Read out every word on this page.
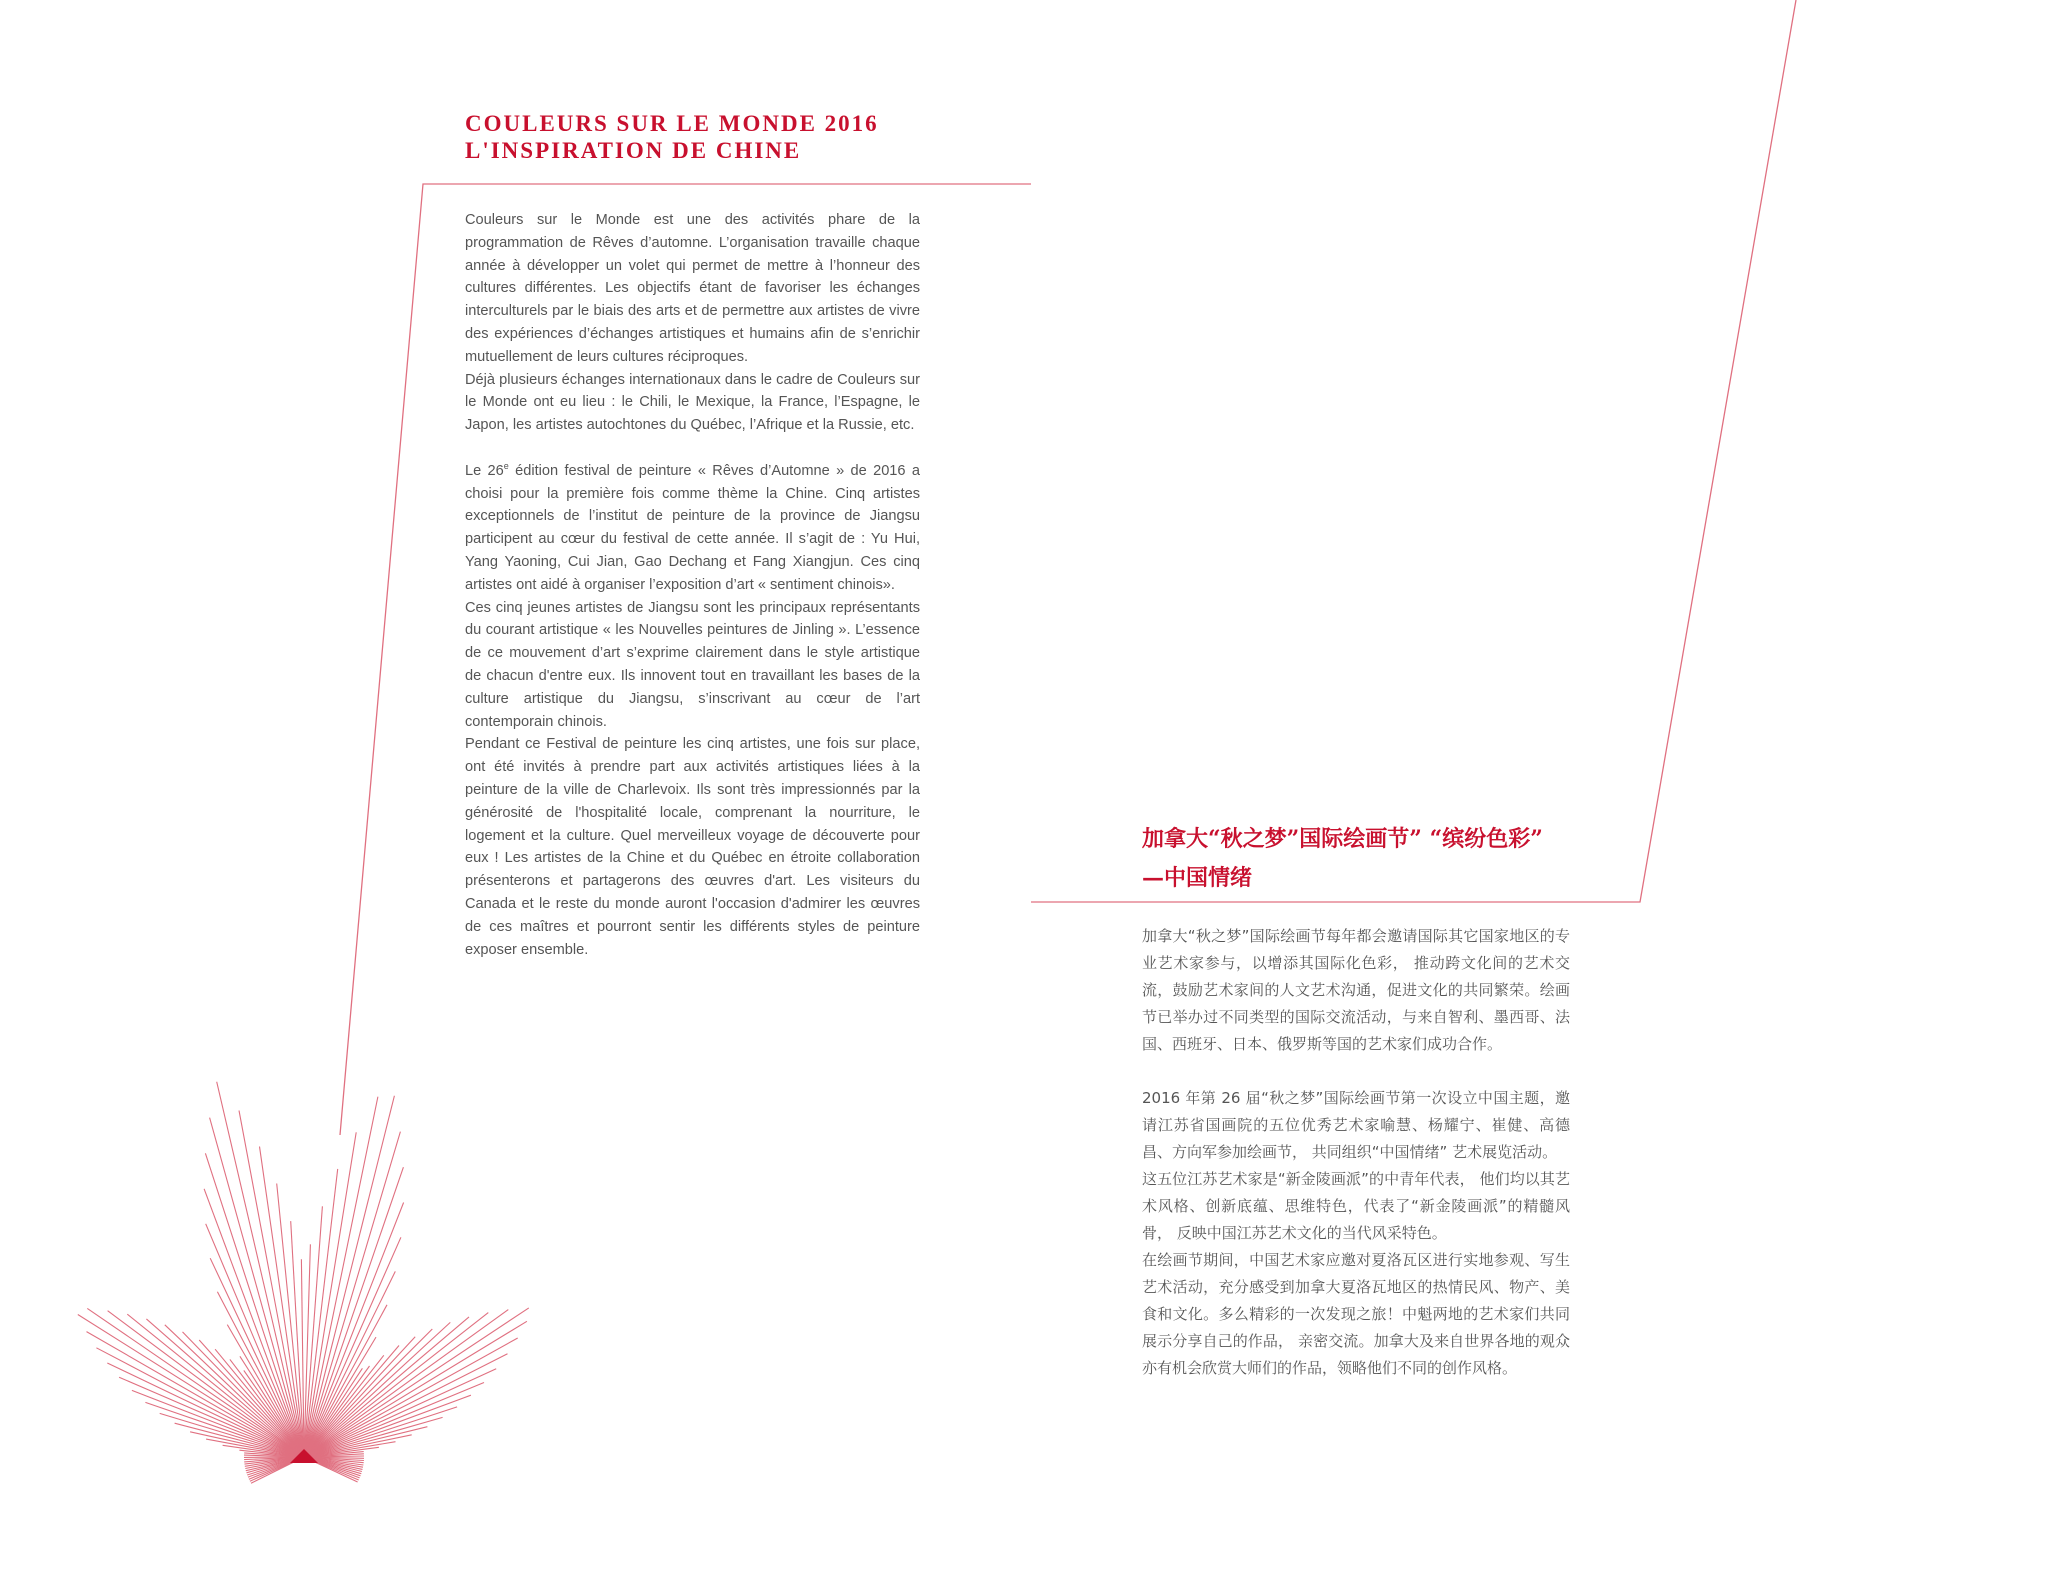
COULEURS SUR LE MONDE 2016
L'INSPIRATION DE CHINE

Couleurs sur le Monde est une des activités phare de la programmation de Rêves d’automne. L’organisation travaille chaque année à développer un volet qui permet de mettre à l’honneur des cultures différentes. Les objectifs étant de favoriser les échanges interculturels par le biais des arts et de permettre aux artistes de vivre des expériences d’échanges artistiques et humains afin de s’enrichir mutuellement de leurs cultures réciproques.

Déjà plusieurs échanges internationaux dans le cadre de Couleurs sur le Monde ont eu lieu : le Chili, le Mexique, la France, l’Espagne, le Japon, les artistes autochtones du Québec, l’Afrique et la Russie, etc.

Le 26e édition festival de peinture « Rêves d’Automne » de 2016 a choisi pour la première fois comme thème la Chine. Cinq artistes exceptionnels de l’institut de peinture de la province de Jiangsu participent au cœur du festival de cette année. Il s’agit de : Yu Hui, Yang Yaoning, Cui Jian, Gao Dechang et Fang Xiangjun. Ces cinq artistes ont aidé à organiser l’exposition d’art « sentiment chinois».

Ces cinq jeunes artistes de Jiangsu sont les principaux représentants du courant artistique « les Nouvelles peintures de Jinling ». L’essence de ce mouvement d’art s’exprime clairement dans le style artistique de chacun d'entre eux. Ils innovent tout en travaillant les bases de la culture artistique du Jiangsu, s’inscrivant au cœur de l’art contemporain chinois.

Pendant ce Festival de peinture les cinq artistes, une fois sur place, ont été invités à prendre part aux activités artistiques liées à la peinture de la ville de Charlevoix. Ils sont très impressionnés par la générosité de l'hospitalité locale, comprenant la nourriture, le logement et la culture. Quel merveilleux voyage de découverte pour eux ! Les artistes de la Chine et du Québec en étroite collaboration présenterons et partagerons des œuvres d'art. Les visiteurs du Canada et le reste du monde auront l'occasion d'admirer les œuvres de ces maîtres et pourront sentir les différents styles de peinture exposer ensemble.

加拿大“秋之梦”国际绘画节” “缤纷色彩”
—中国情绪

加拿大“秋之梦”国际绘画节每年都会邀请国际其它国家地区的专业艺术家参与，以增添其国际化色彩， 推动跨文化间的艺术交流，鼓励艺术家间的人文艺术沟通，促进文化的共同繁荣。绘画节已举办过不同类型的国际交流活动，与来自智利、墨西哥、法国、西班牙、日本、俄罗斯等国的艺术家们成功合作。

2016 年第 26 届“秋之梦”国际绘画节第一次设立中国主题，邀请江苏省国画院的五位优秀艺术家喻慧、杨耀宁、崔健、高德昌、方向军参加绘画节， 共同组织“中国情绪” 艺术展览活动。

这五位江苏艺术家是“新金陵画派”的中青年代表， 他们均以其艺术风格、创新底蕴、思维特色，代表了“新金陵画派”的精髓风骨， 反映中国江苏艺术文化的当代风采特色。

在绘画节期间，中国艺术家应邀对夏洛瓦区进行实地参观、写生艺术活动，充分感受到加拿大夏洛瓦地区的热情民风、物产、美食和文化。多么精彩的一次发现之旅！中魁两地的艺术家们共同展示分享自己的作品， 亲密交流。加拿大及来自世界各地的观众亦有机会欣赏大师们的作品，领略他们不同的创作风格。
